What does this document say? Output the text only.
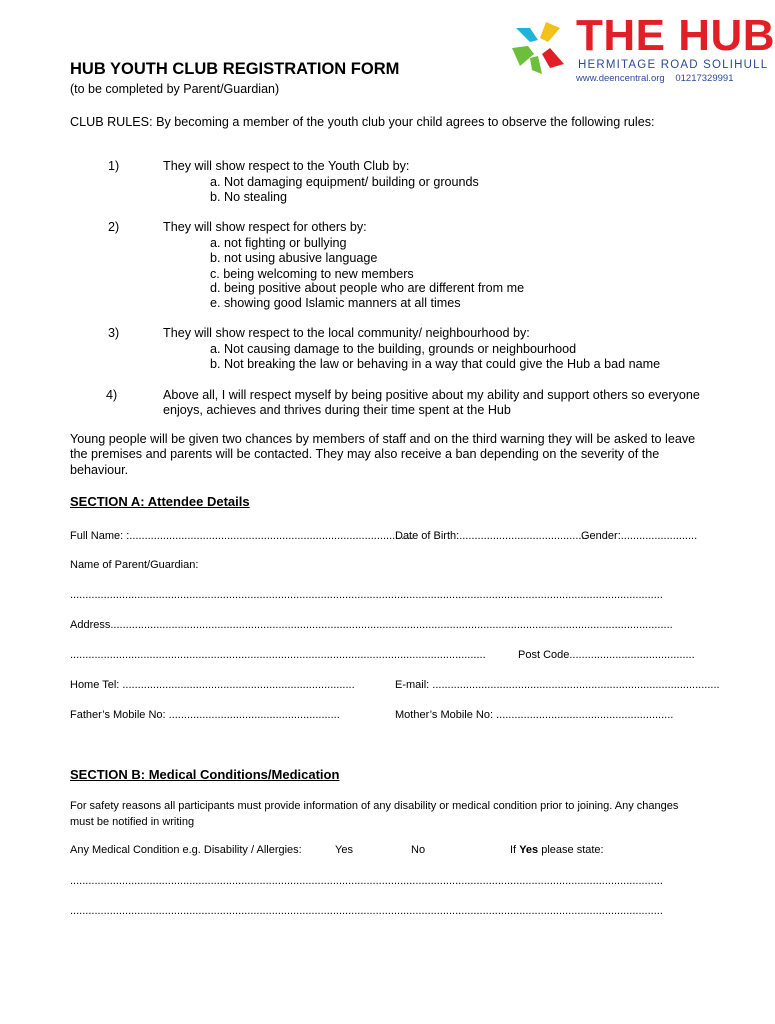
THE HUB
HERMITAGE ROAD SOLIHULL
www.deencentral.org 01217329991
HUB YOUTH CLUB REGISTRATION FORM
(to be completed by Parent/Guardian)
CLUB RULES: By becoming a member of the youth club your child agrees to observe the following rules:
1)	They will show respect to the Youth Club by:
a. Not damaging equipment/ building or grounds
b. No stealing
2)	They will show respect for others by:
a. not fighting or bullying
b. not using abusive language
c. being welcoming to new members
d. being positive about people who are different from me
e. showing good Islamic manners at all times
3)	They will show respect to the local community/ neighbourhood by:
a. Not causing damage to the building, grounds or neighbourhood
b. Not breaking the law or behaving in a way that could give the Hub a bad name
4)	Above all, I will respect myself by being positive about my ability and support others so everyone enjoys, achieves and thrives during their time spent at the Hub
Young people will be given two chances by members of staff and on the third warning they will be asked to leave the premises and parents will be contacted. They may also receive a ban depending on the severity of the behaviour.
SECTION A: Attendee Details
Full Name: :.............................................................................................
Date of Birth:..........................................
Gender:.........................
Name of Parent/Guardian:
..................................................................................................................................................................................................
Address........................................................................................................................................................................................
........................................................................................................................................	Post Code.........................................
Home Tel: ............................................................................	E-mail: ..............................................................................................
Father’s Mobile No: ........................................................	Mother’s Mobile No: ..........................................................
SECTION B: Medical Conditions/Medication
For safety reasons all participants must provide information of any disability or medical condition prior to joining. Any changes must be notified in writing
Any Medical Condition e.g. Disability / Allergies:	Yes	No	If Yes please state:
..................................................................................................................................................................................................
..................................................................................................................................................................................................
